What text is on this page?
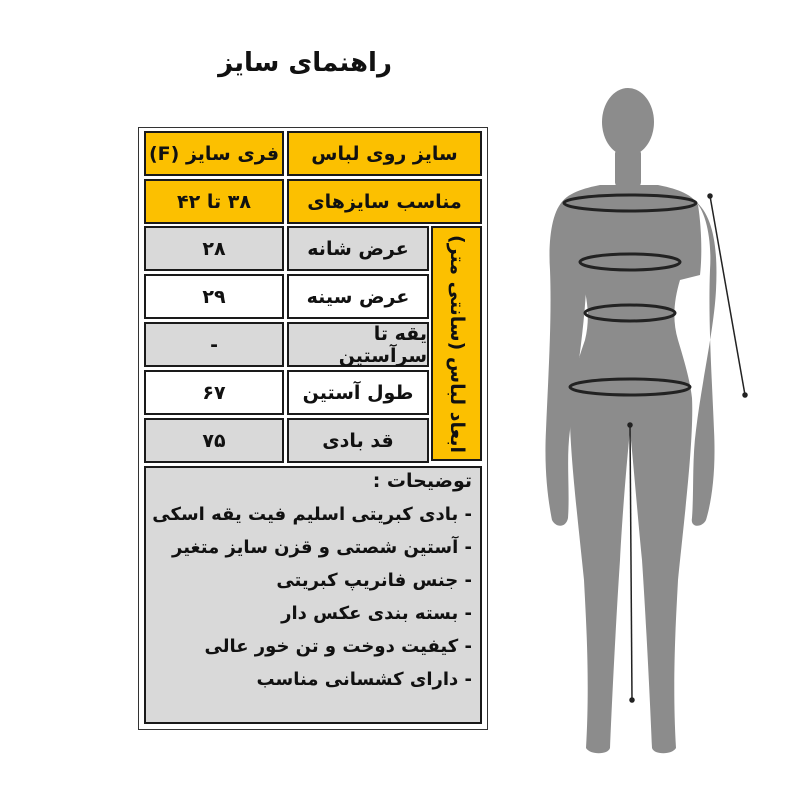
راهنمای سایز
سایز روی لباس
فری سایز (F)
مناسب سایزهای
۳۸ تا ۴۲
ابعاد لباس (سانتی متر)
عرض شانه
۲۸
عرض سینه
۲۹
یقه تا سرآستین
-
طول آستین
۶۷
قد بادی
۷۵
توضیحات :
- بادی کبریتی اسلیم فیت یقه اسکی
- آستین شصتی و قزن سایز متغیر
- جنس فانریپ کبریتی
- بسته بندی عکس دار
- کیفیت دوخت و تن خور عالی
- دارای کشسانی مناسب
